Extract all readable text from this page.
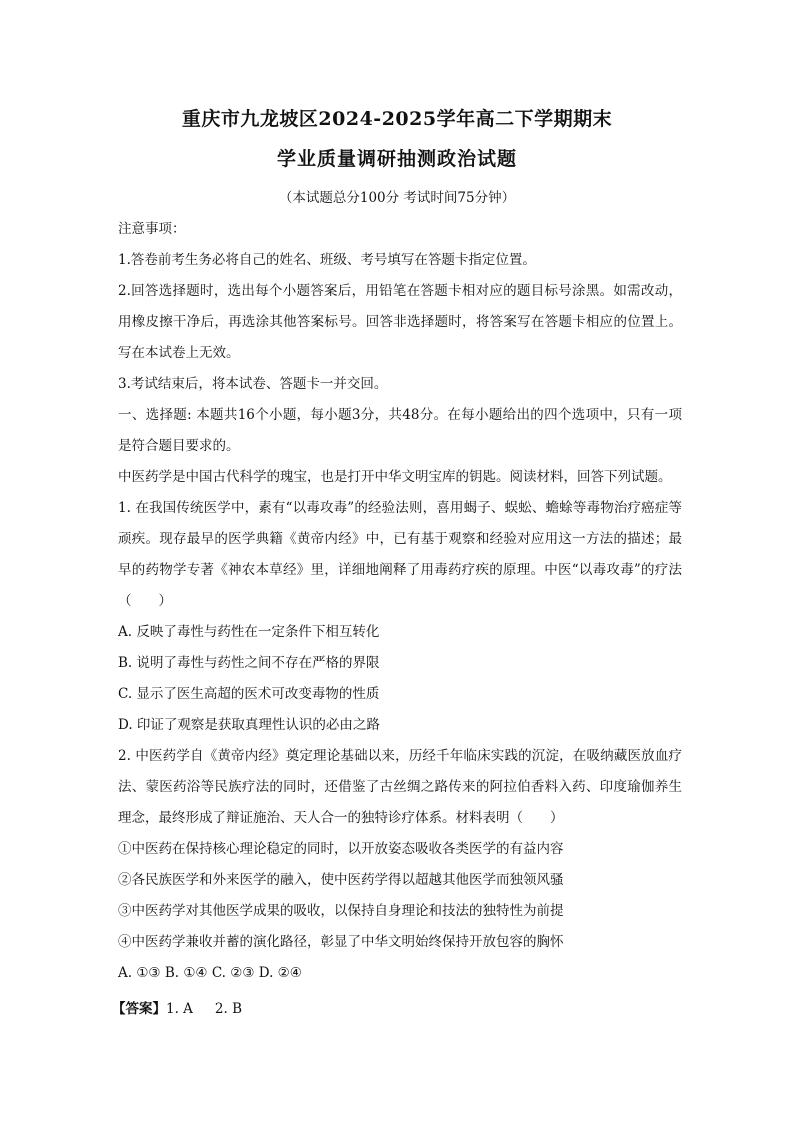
重庆市九龙坡区2024-2025学年高二下学期期末
学业质量调研抽测政治试题
（本试题总分100分 考试时间75分钟）

注意事项：

1.答卷前考生务必将自己的姓名、班级、考号填写在答题卡指定位置。

2.回答选择题时，选出每个小题答案后，用铅笔在答题卡相对应的题目标号涂黑。如需改动，用橡皮擦干净后，再选涂其他答案标号。回答非选择题时，将答案写在答题卡相应的位置上。写在本试卷上无效。

3.考试结束后，将本试卷、答题卡一并交回。

一、选择题: 本题共16个小题，每小题3分，共48分。在每小题给出的四个选项中，只有一项是符合题目要求的。

中医药学是中国古代科学的瑰宝，也是打开中华文明宝库的钥匙。阅读材料，回答下列试题。

1. 在我国传统医学中，素有“以毒攻毒”的经验法则，喜用蝎子、蜈蚣、蟾蜍等毒物治疗癌症等顽疾。现存最早的医学典籍《黄帝内经》中，已有基于观察和经验对应用这一方法的描述；最早的药物学专著《神农本草经》里，详细地阐释了用毒药疗疾的原理。中医“以毒攻毒”的疗法（　　）

A. 反映了毒性与药性在一定条件下相互转化

B. 说明了毒性与药性之间不存在严格的界限

C. 显示了医生高超的医术可改变毒物的性质

D. 印证了观察是获取真理性认识的必由之路

2. 中医药学自《黄帝内经》奠定理论基础以来，历经千年临床实践的沉淀，在吸纳藏医放血疗法、蒙医药浴等民族疗法的同时，还借鉴了古丝绸之路传来的阿拉伯香料入药、印度瑜伽养生理念，最终形成了辩证施治、天人合一的独特诊疗体系。材料表明（　　）

①中医药在保持核心理论稳定的同时，以开放姿态吸收各类医学的有益内容

②各民族医学和外来医学的融入，使中医药学得以超越其他医学而独领风骚

③中医药学对其他医学成果的吸收，以保持自身理论和技法的独特性为前提

④中医药学兼收并蓄的演化路径，彰显了中华文明始终保持开放包容的胸怀

A. ①③ B. ①④ C. ②③ D. ②④

【答案】1. A 2. B
